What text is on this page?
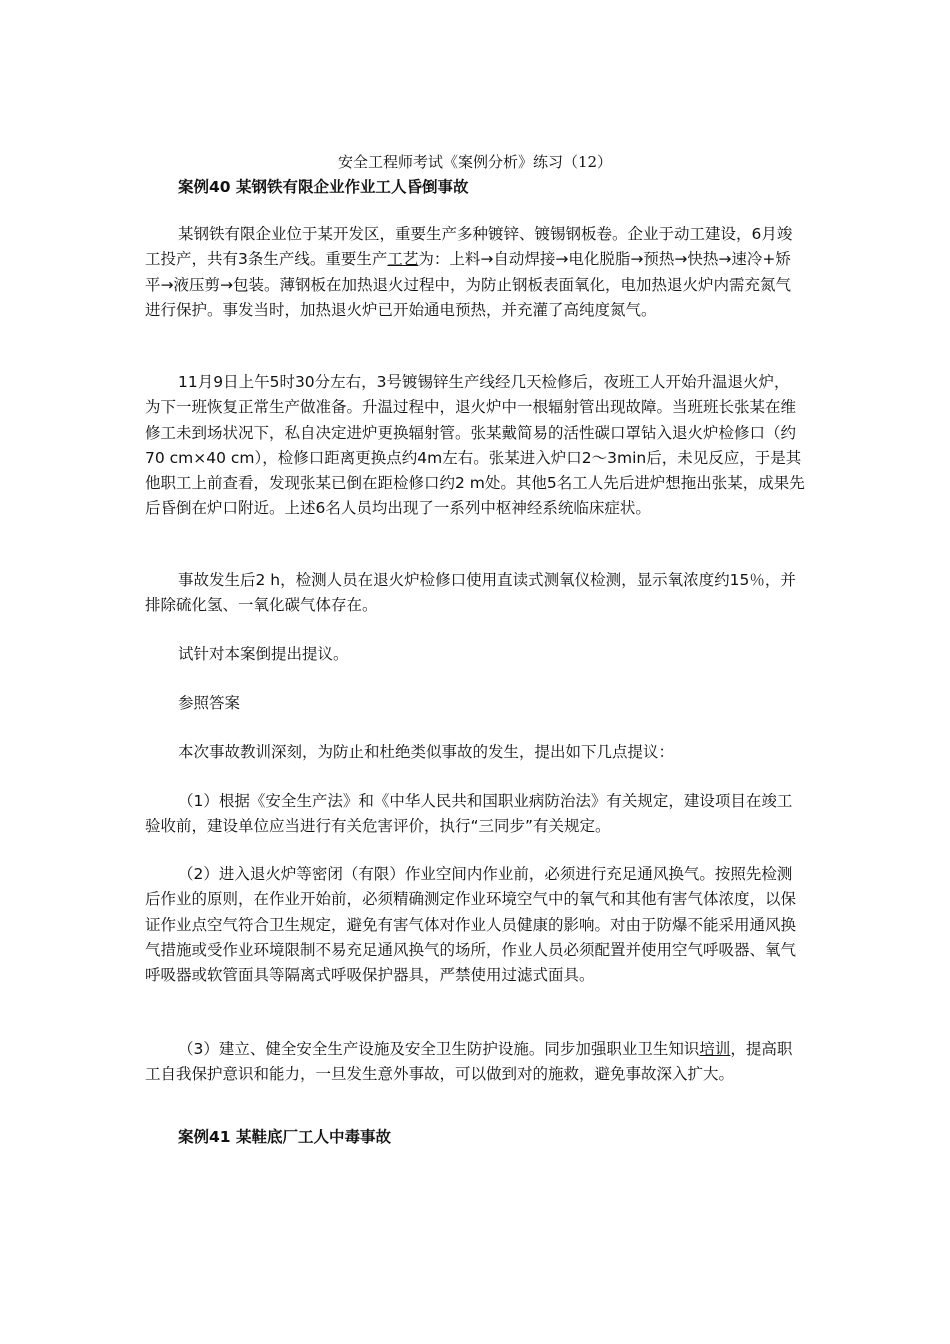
安全工程师考试《案例分析》练习（12）
案例40 某钢铁有限企业作业工人昏倒事故
某钢铁有限企业位于某开发区，重要生产多种镀锌、镀锡钢板卷。企业于动工建设，6月竣工投产，共有3条生产线。重要生产工艺为：上料→自动焊接→电化脱脂→预热→快热→速冷+矫平→液压剪→包装。薄钢板在加热退火过程中，为防止钢板表面氧化，电加热退火炉内需充氮气进行保护。事发当时，加热退火炉已开始通电预热，并充灌了高纯度氮气。
11月9日上午5时30分左右，3号镀锡锌生产线经几天检修后，夜班工人开始升温退火炉，为下一班恢复正常生产做准备。升温过程中，退火炉中一根辐射管出现故障。当班班长张某在维修工未到场状况下，私自决定进炉更换辐射管。张某戴简易的活性碳口罩钻入退火炉检修口（约70 cm×40 cm），检修口距离更换点约4m左右。张某进入炉口2～3min后，未见反应，于是其他职工上前查看，发现张某已倒在距检修口约2 m处。其他5名工人先后进炉想拖出张某，成果先后昏倒在炉口附近。上述6名人员均出现了一系列中枢神经系统临床症状。
事故发生后2 h，检测人员在退火炉检修口使用直读式测氧仪检测，显示氧浓度约15％，并排除硫化氢、一氧化碳气体存在。
试针对本案倒提出提议。
参照答案
本次事故教训深刻，为防止和杜绝类似事故的发生，提出如下几点提议：
（1）根据《安全生产法》和《中华人民共和国职业病防治法》有关规定，建设项目在竣工验收前，建设单位应当进行有关危害评价，执行“三同步”有关规定。
（2）进入退火炉等密闭（有限）作业空间内作业前，必须进行充足通风换气。按照先检测后作业的原则，在作业开始前，必须精确测定作业环境空气中的氧气和其他有害气体浓度，以保证作业点空气符合卫生规定，避免有害气体对作业人员健康的影响。对由于防爆不能采用通风换气措施或受作业环境限制不易充足通风换气的场所，作业人员必须配置并使用空气呼吸器、氧气呼吸器或软管面具等隔离式呼吸保护器具，严禁使用过滤式面具。
（3）建立、健全安全生产设施及安全卫生防护设施。同步加强职业卫生知识培训，提高职工自我保护意识和能力，一旦发生意外事故，可以做到对的施救，避免事故深入扩大。
案例41 某鞋底厂工人中毒事故
